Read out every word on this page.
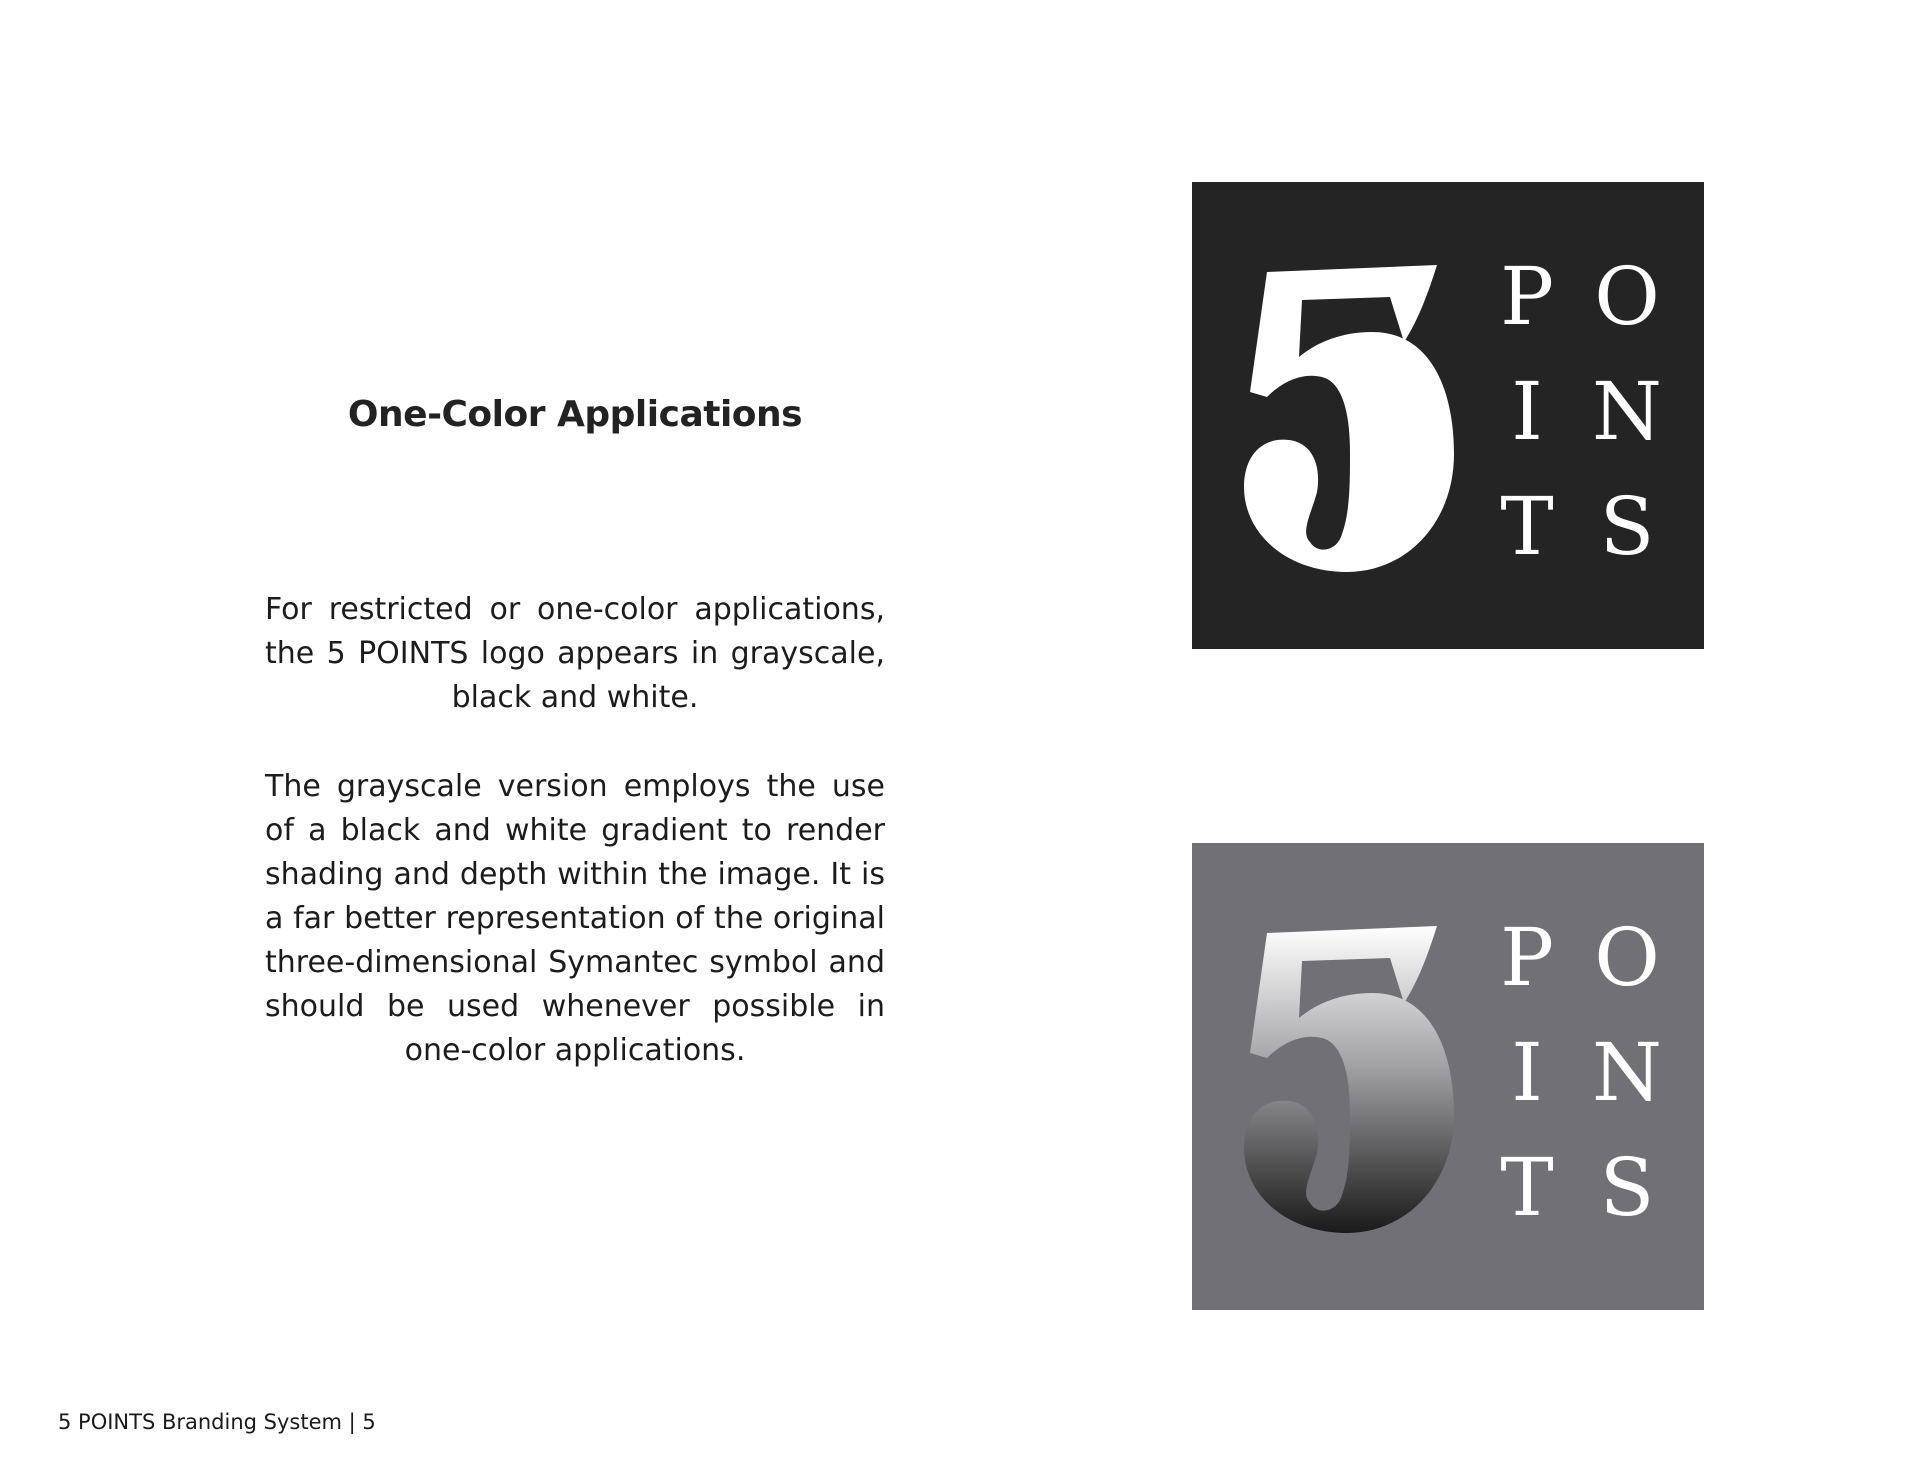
One-Color Applications

For restricted or one-color applications, the 5 POINTS logo appears in grayscale, black and white.

The grayscale version employs the use of a black and white gradient to render shading and depth within the image. It is a far better representation of the original three-dimensional Symantec symbol and should be used whenever possible in one-color applications.

P O
I N
T S
P O
I N
T S

5 POINTS Branding System | 5
